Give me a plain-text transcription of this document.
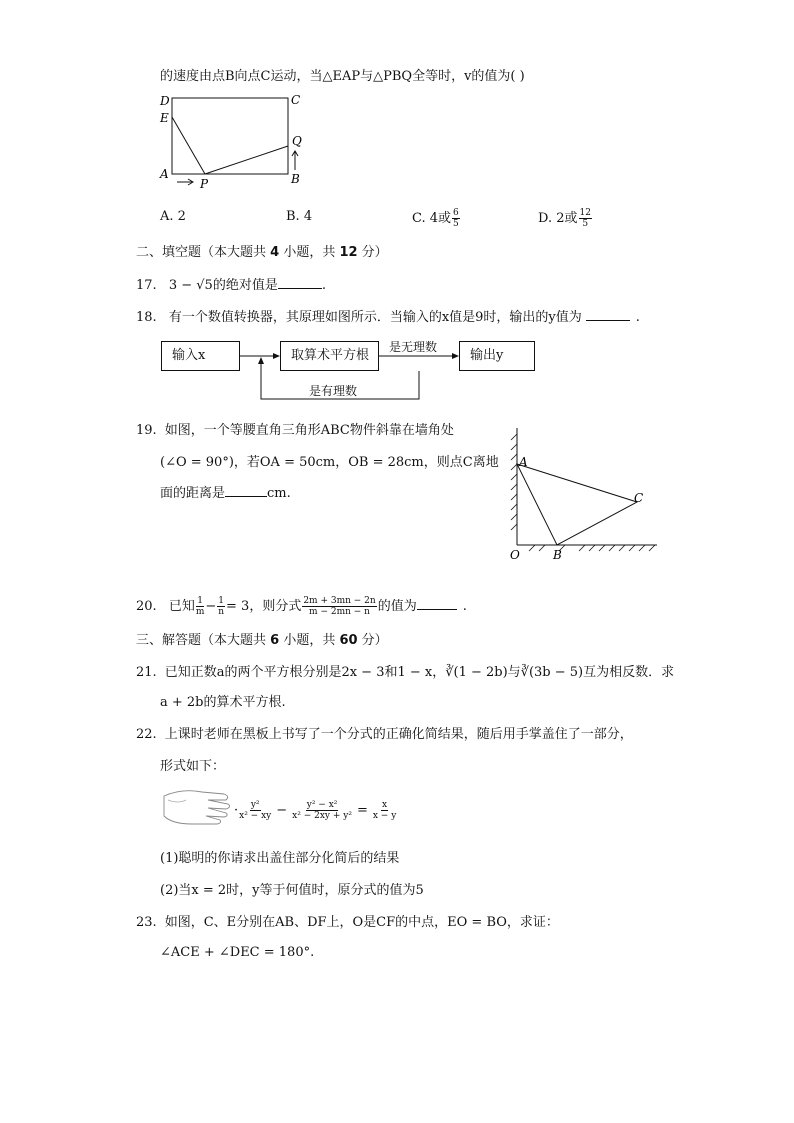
的速度由点B向点C运动，当△EAP与△PBQ全等时，v的值为( )
D	C
E
Q
A
P	B
A. 2	B. 4	C. 4或 $\frac{6}{5}$	D. 2或 $\frac{12}{5}$
二、填空题（本大题共 4 小题，共 12 分）
17. 3 − √5的绝对值是	.
18. 有一个数值转换器，其原理如图所示．当输入的x值是9时，输出的y值为	.
输入x	取算术平方根	输出y
是无理数
是有理数
19. 如图，一个等腰直角三角形ABC物件斜靠在墙角处
(∠O = 90°)，若OA = 50cm，OB = 28cm，则点C离地
面的距离是	cm.
A
C
O	B
20. 已知 $\frac{1}{m} - \frac{1}{n} = 3$，则分式 $\frac{2m + 3mn - 2n}{m - 2mn - n}$ 的值为	.
三、解答题（本大题共 6 小题，共 60 分）
21. 已知正数a的两个平方根分别是2x − 3和1 − x，∛(1 − 2b)与∛(3b − 5)互为相反数．求
a + 2b的算术平方根.
22. 上课时老师在黑板上书写了一个分式的正确化简结果，随后用手掌盖住了一部分，
形式如下：
· $\frac{\text{y²}}{\text{x² − xy}} - \frac{\text{y² − x²}}{\text{x² − 2xy + y²}} = \frac{x}{x - y}$
(1)聪明的你请求出盖住部分化简后的结果
(2)当x = 2时，y等于何值时，原分式的值为5
23. 如图，C、E分别在AB、DF上，O是CF的中点，EO = BO，求证：
∠ACE + ∠DEC = 180°.
